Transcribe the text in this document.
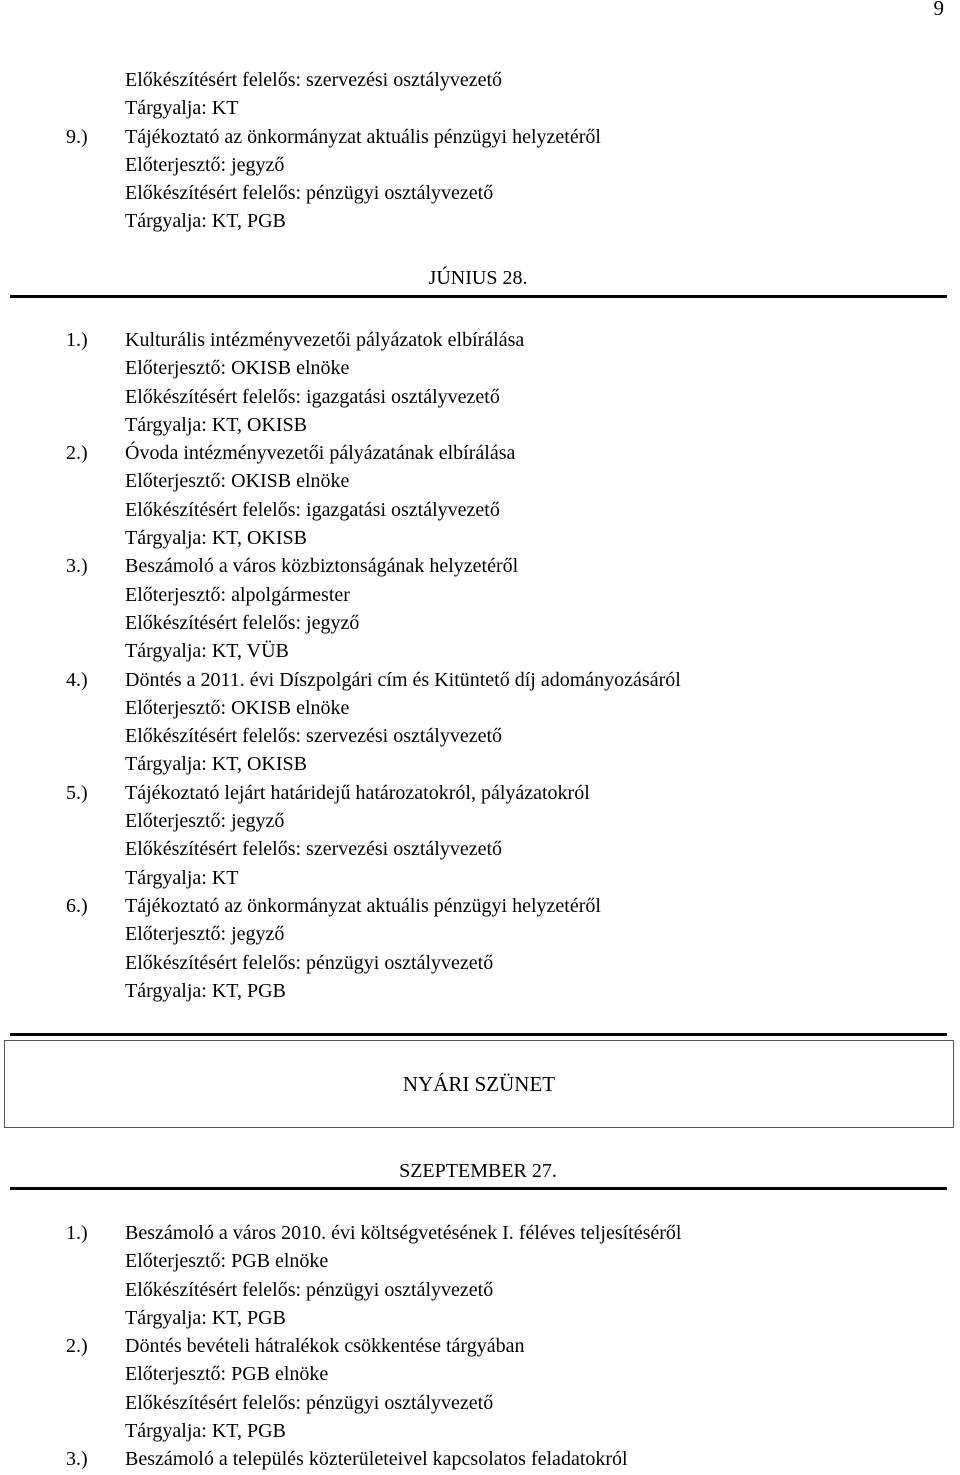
9
Előkészítésért felelős: szervezési osztályvezető
Tárgyalja: KT
9.) Tájékoztató az önkormányzat aktuális pénzügyi helyzetéről
Előterjesztő: jegyző
Előkészítésért felelős: pénzügyi osztályvezető
Tárgyalja: KT, PGB
JÚNIUS 28.
1.) Kulturális intézményvezetői pályázatok elbírálása
Előterjesztő: OKISB elnöke
Előkészítésért felelős: igazgatási osztályvezető
Tárgyalja: KT, OKISB
2.) Óvoda intézményvezetői pályázatának elbírálása
Előterjesztő: OKISB elnöke
Előkészítésért felelős: igazgatási osztályvezető
Tárgyalja: KT, OKISB
3.) Beszámoló a város közbiztonságának helyzetéről
Előterjesztő: alpolgármester
Előkészítésért felelős: jegyző
Tárgyalja: KT, VÜB
4.) Döntés a 2011. évi Díszpolgári cím és Kitüntető díj adományozásáról
Előterjesztő: OKISB elnöke
Előkészítésért felelős: szervezési osztályvezető
Tárgyalja: KT, OKISB
5.) Tájékoztató lejárt határidejű határozatokról, pályázatokról
Előterjesztő: jegyző
Előkészítésért felelős: szervezési osztályvezető
Tárgyalja: KT
6.) Tájékoztató az önkormányzat aktuális pénzügyi helyzetéről
Előterjesztő: jegyző
Előkészítésért felelős: pénzügyi osztályvezető
Tárgyalja: KT, PGB
NYÁRI SZÜNET
SZEPTEMBER 27.
1.) Beszámoló a város 2010. évi költségvetésének I. féléves teljesítéséről
Előterjesztő: PGB elnöke
Előkészítésért felelős: pénzügyi osztályvezető
Tárgyalja: KT, PGB
2.) Döntés bevételi hátralékok csökkentése tárgyában
Előterjesztő: PGB elnöke
Előkészítésért felelős: pénzügyi osztályvezető
Tárgyalja: KT, PGB
3.) Beszámoló a település közterületeivel kapcsolatos feladatokról
